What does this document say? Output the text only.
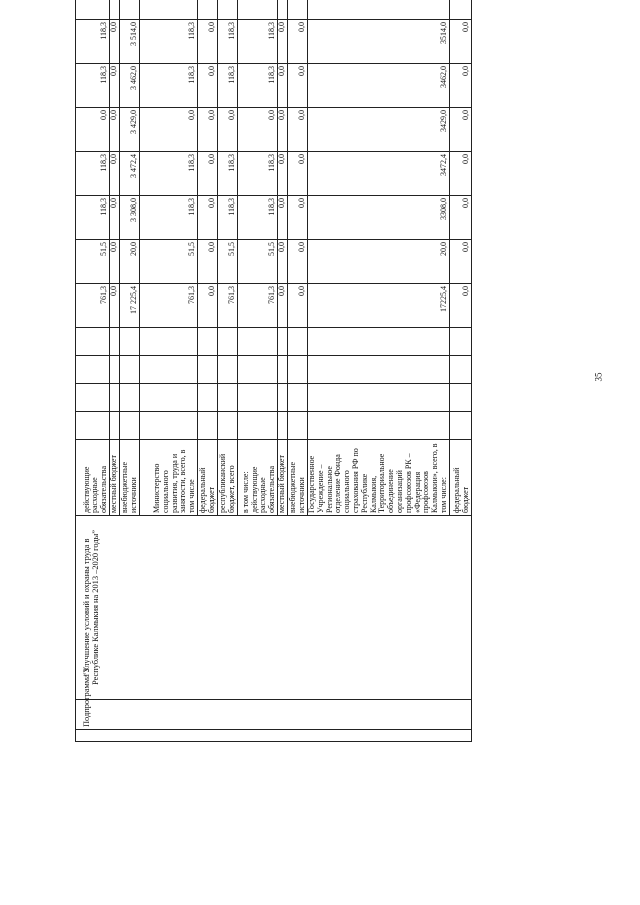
	Подпрограмма 3	“Улучшение условий и охраны труда в Республике Калмыкия на 2013 –2020 годы”	действующие расходные обязательства					761,3	51,5	118,3	118,3	0,0	118,3	118,3		
			местный бюджет					0,0	0,0	0,0	0,0	0,0	0,0	0,0		
			внебюджетные источники					17 225,4	20,0	3 308,0	3 472,4	3 429,0	3 462,0	3 514,0		
			Министерство социального развития, труда и занятости, всего, в том числе					761,3	51,5	118,3	118,3	0,0	118,3	118,3		
			федеральный бюджет					0,0	0,0	0,0	0,0	0,0	0,0	0,0		
			республиканский бюджет, всего					761,3	51,5	118,3	118,3	0,0	118,3	118,3		
			в том числе: действующие расходные обязательства					761,3	51,5	118,3	118,3	0,0	118,3	118,3		
			местный бюджет					0,0	0,0	0,0	0,0	0,0	0,0	0,0		
			внебюджетные источники					0,0	0,0	0,0	0,0	0,0	0,0	0,0		
			Государственное Учреждение – Региональное отделение Фонда социального страхования РФ по Республике Калмыкия, Территориальное объединение организаций профсоюзов РК – «Федерация профсоюзов Калмыкии», всего, в том числе:					17225,4	20,0	3308,0	3472,4	3429,0	3462,0	3514,0		
			федеральный бюджет					0,0	0,0	0,0	0,0	0,0	0,0	0,0		
35
